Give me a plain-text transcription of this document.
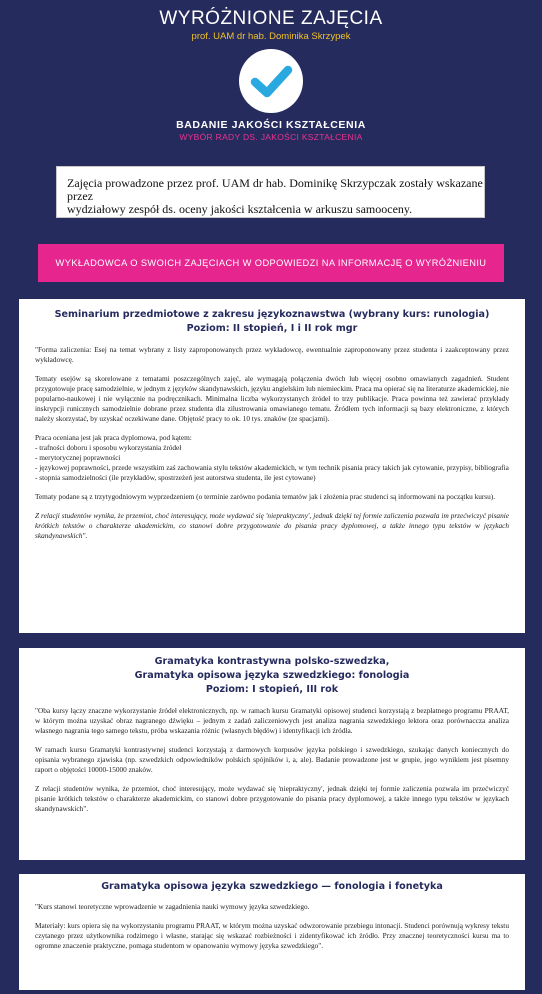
WYRÓŻNIONE ZAJĘCIA
prof. UAM dr hab. Dominika Skrzypek
BADANIE JAKOŚCI KSZTAŁCENIA
WYBÓR RADY DS. JAKOŚCI KSZTAŁCENIA
Zajęcia prowadzone przez prof. UAM dr hab. Dominikę Skrzypczak zostały wskazane przez
wydziałowy zespół ds. oceny jakości kształcenia w arkuszu samooceny.
WYKŁADOWCA O SWOICH ZAJĘCIACH W ODPOWIEDZI NA INFORMACJĘ O WYRÓŻNIENIU
Seminarium przedmiotowe z zakresu językoznawstwa (wybrany kurs: runologia)
Poziom: II stopień, I i II rok mgr

"Forma zaliczenia: Esej na temat wybrany z listy zaproponowanych przez wykładowcę, ewentualnie zaproponowany przez studenta i zaakceptowany przez wykładowcę.

Tematy esejów są skorelowane z tematami poszczególnych zajęć, ale wymagają połączenia dwóch lub więcej osobno omawianych zagadnień. Student przygotowuje pracę samodzielnie, w jednym z języków skandynawskich, języku angielskim lub niemieckim. Praca ma opierać się na literaturze akademickiej, nie popularno-naukowej i nie wyłącznie na podręcznikach. Minimalna liczba wykorzystanych źródeł to trzy publikacje. Praca powinna też zawierać przykłady inskrypcji runicznych samodzielnie dobrane przez studenta dla zilustrowania omawianego tematu. Źródłem tych informacji są bazy elektroniczne, z których należy skorzystać, by uzyskać oczekiwane dane. Objętość pracy to ok. 10 tys. znaków (ze spacjami).

Praca oceniana jest jak praca dyplomowa, pod kątem:
- trafności doboru i sposobu wykorzystania źródeł
- merytorycznej poprawności
- językowej poprawności, przede wszystkim zaś zachowania stylu tekstów akademickich, w tym technik pisania pracy takich jak cytowanie, przypisy, bibliografia
- stopnia samodzielności (ile przykładów, spostrzeżeń jest autorstwa studenta, ile jest cytowane)

Tematy podane są z trzytygodniowym wyprzedzeniem (o terminie zarówno podania tematów jak i złożenia prac studenci są informowani na początku kursu).

Z relacji studentów wynika, że przemiot, choć interesujący, może wydawać się 'niepraktyczny', jednak dzięki tej formie zaliczenia pozwala im przećwiczyć pisanie krótkich tekstów o charakterze akademickim, co stanowi dobre przygotowanie do pisania pracy dyplomowej, a także innego typu tekstów w językach skandynawskich".

Gramatyka kontrastywna polsko-szwedzka,
Gramatyka opisowa języka szwedzkiego: fonologia
Poziom: I stopień, III rok

"Oba kursy łączy znaczne wykorzystanie źródeł elektronicznych, np. w ramach kursu Gramatyki opisowej studenci korzystają z bezpłatnego programu PRAAT, w którym można uzyskać obraz nagranego dźwięku – jednym z zadań zaliczeniowych jest analiza nagrania szwedzkiego lektora oraz porównaccza analiza własnego nagrania tego samego tekstu, próba wskazania różnic (własnych błędów) i identyfikacji ich źródła.

W ramach kursu Gramatyki kontrastywnej studenci korzystają z darmowych korpusów języka polskiego i szwedzkiego, szukając danych koniecznych do opisania wybranego zjawiska (np. szwedzkich odpowiedników polskich spójników i, a, ale). Badanie prowadzone jest w grupie, jego wynikiem jest pisemny raport o objętości 10000-15000 znaków.

Z relacji studentów wynika, że przemiot, choć interesujący, może wydawać się 'niepraktyczny', jednak dzięki tej formie zaliczenia pozwala im przećwiczyć pisanie krótkich tekstów o charakterze akademickim, co stanowi dobre przygotowanie do pisania pracy dyplomowej, a także innego typu tekstów w językach skandynawskich".

Gramatyka opisowa języka szwedzkiego — fonologia i fonetyka

"Kurs stanowi teoretyczne wprowadzenie w zagadnienia nauki wymowy języka szwedzkiego.

Materiały: kurs opiera się na wykorzystaniu programu PRAAT, w którym można uzyskać odwzorowanie przebiegu intonacji. Studenci porównują wykresy tekstu czytanego przez użytkownika rodzimego i własne, starając się wskazać rozbieżności i zidentyfikować ich źródło. Przy znacznej teoretyczności kursu ma to ogromne znaczenie praktyczne, pomaga studentom w opanowaniu wymowy języka szwedzkiego".
